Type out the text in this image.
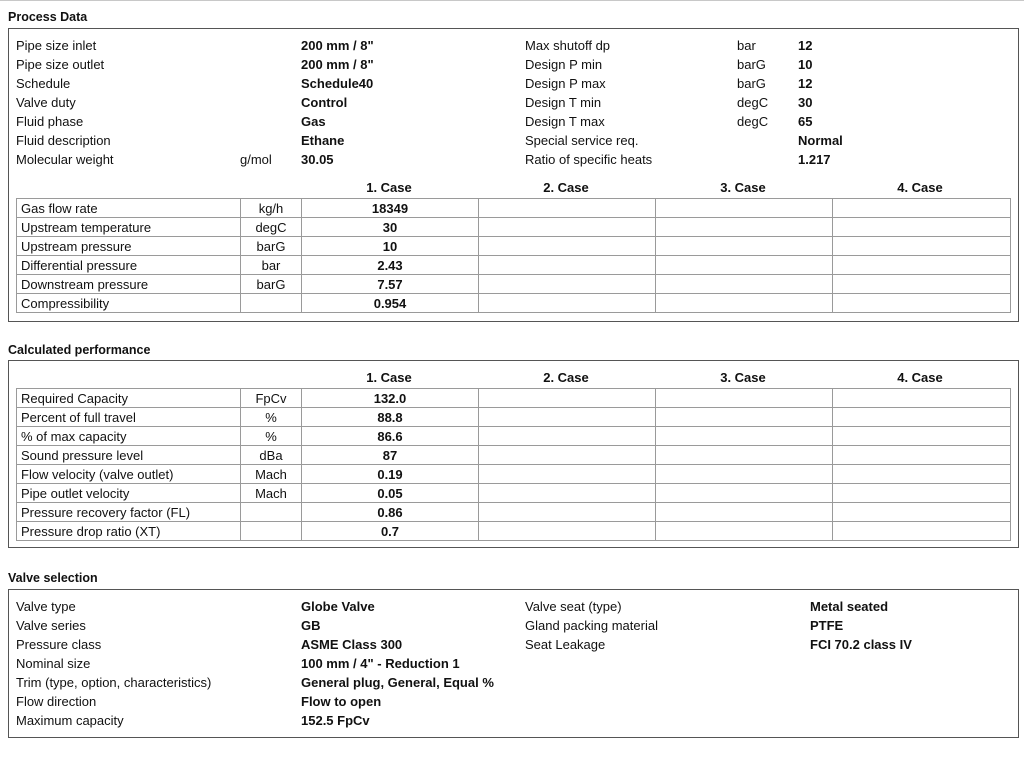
Process Data
Pipe size inlet	200 mm / 8"
Pipe size outlet	200 mm / 8"
Schedule	Schedule40
Valve duty	Control
Fluid phase	Gas
Fluid description	Ethane
Molecular weight	g/mol 30.05
Max shutoff dp	bar	12
Design P min	barG 10
Design P max	barG 12
Design T min	degC 30
Design T max	degC 65
Special service req.	Normal
Ratio of specific heats	1.217
1. Case	2. Case	3. Case	4. Case
Gas flow rate	kg/h	18349			
Upstream temperature	degC	30			
Upstream pressure	barG	10			
Differential pressure	bar	2.43			
Downstream pressure	barG	7.57			
Compressibility		0.954			
Calculated performance
1. Case	2. Case	3. Case	4. Case
Required Capacity	FpCv	132.0			
Percent of full travel	%	88.8			
% of max capacity	%	86.6			
Sound pressure level	dBa	87			
Flow velocity (valve outlet)	Mach	0.19			
Pipe outlet velocity	Mach	0.05			
Pressure recovery factor (FL)		0.86			
Pressure drop ratio (XT)		0.7			
Valve selection
Valve type	Globe Valve
Valve series	GB
Pressure class	ASME Class 300
Nominal size	100 mm / 4" - Reduction 1
Trim (type, option, characteristics)	General plug, General, Equal %
Flow direction	Flow to open
Maximum capacity	152.5 FpCv
Valve seat (type)	Metal seated
Gland packing material	PTFE
Seat Leakage	FCI 70.2 class IV
